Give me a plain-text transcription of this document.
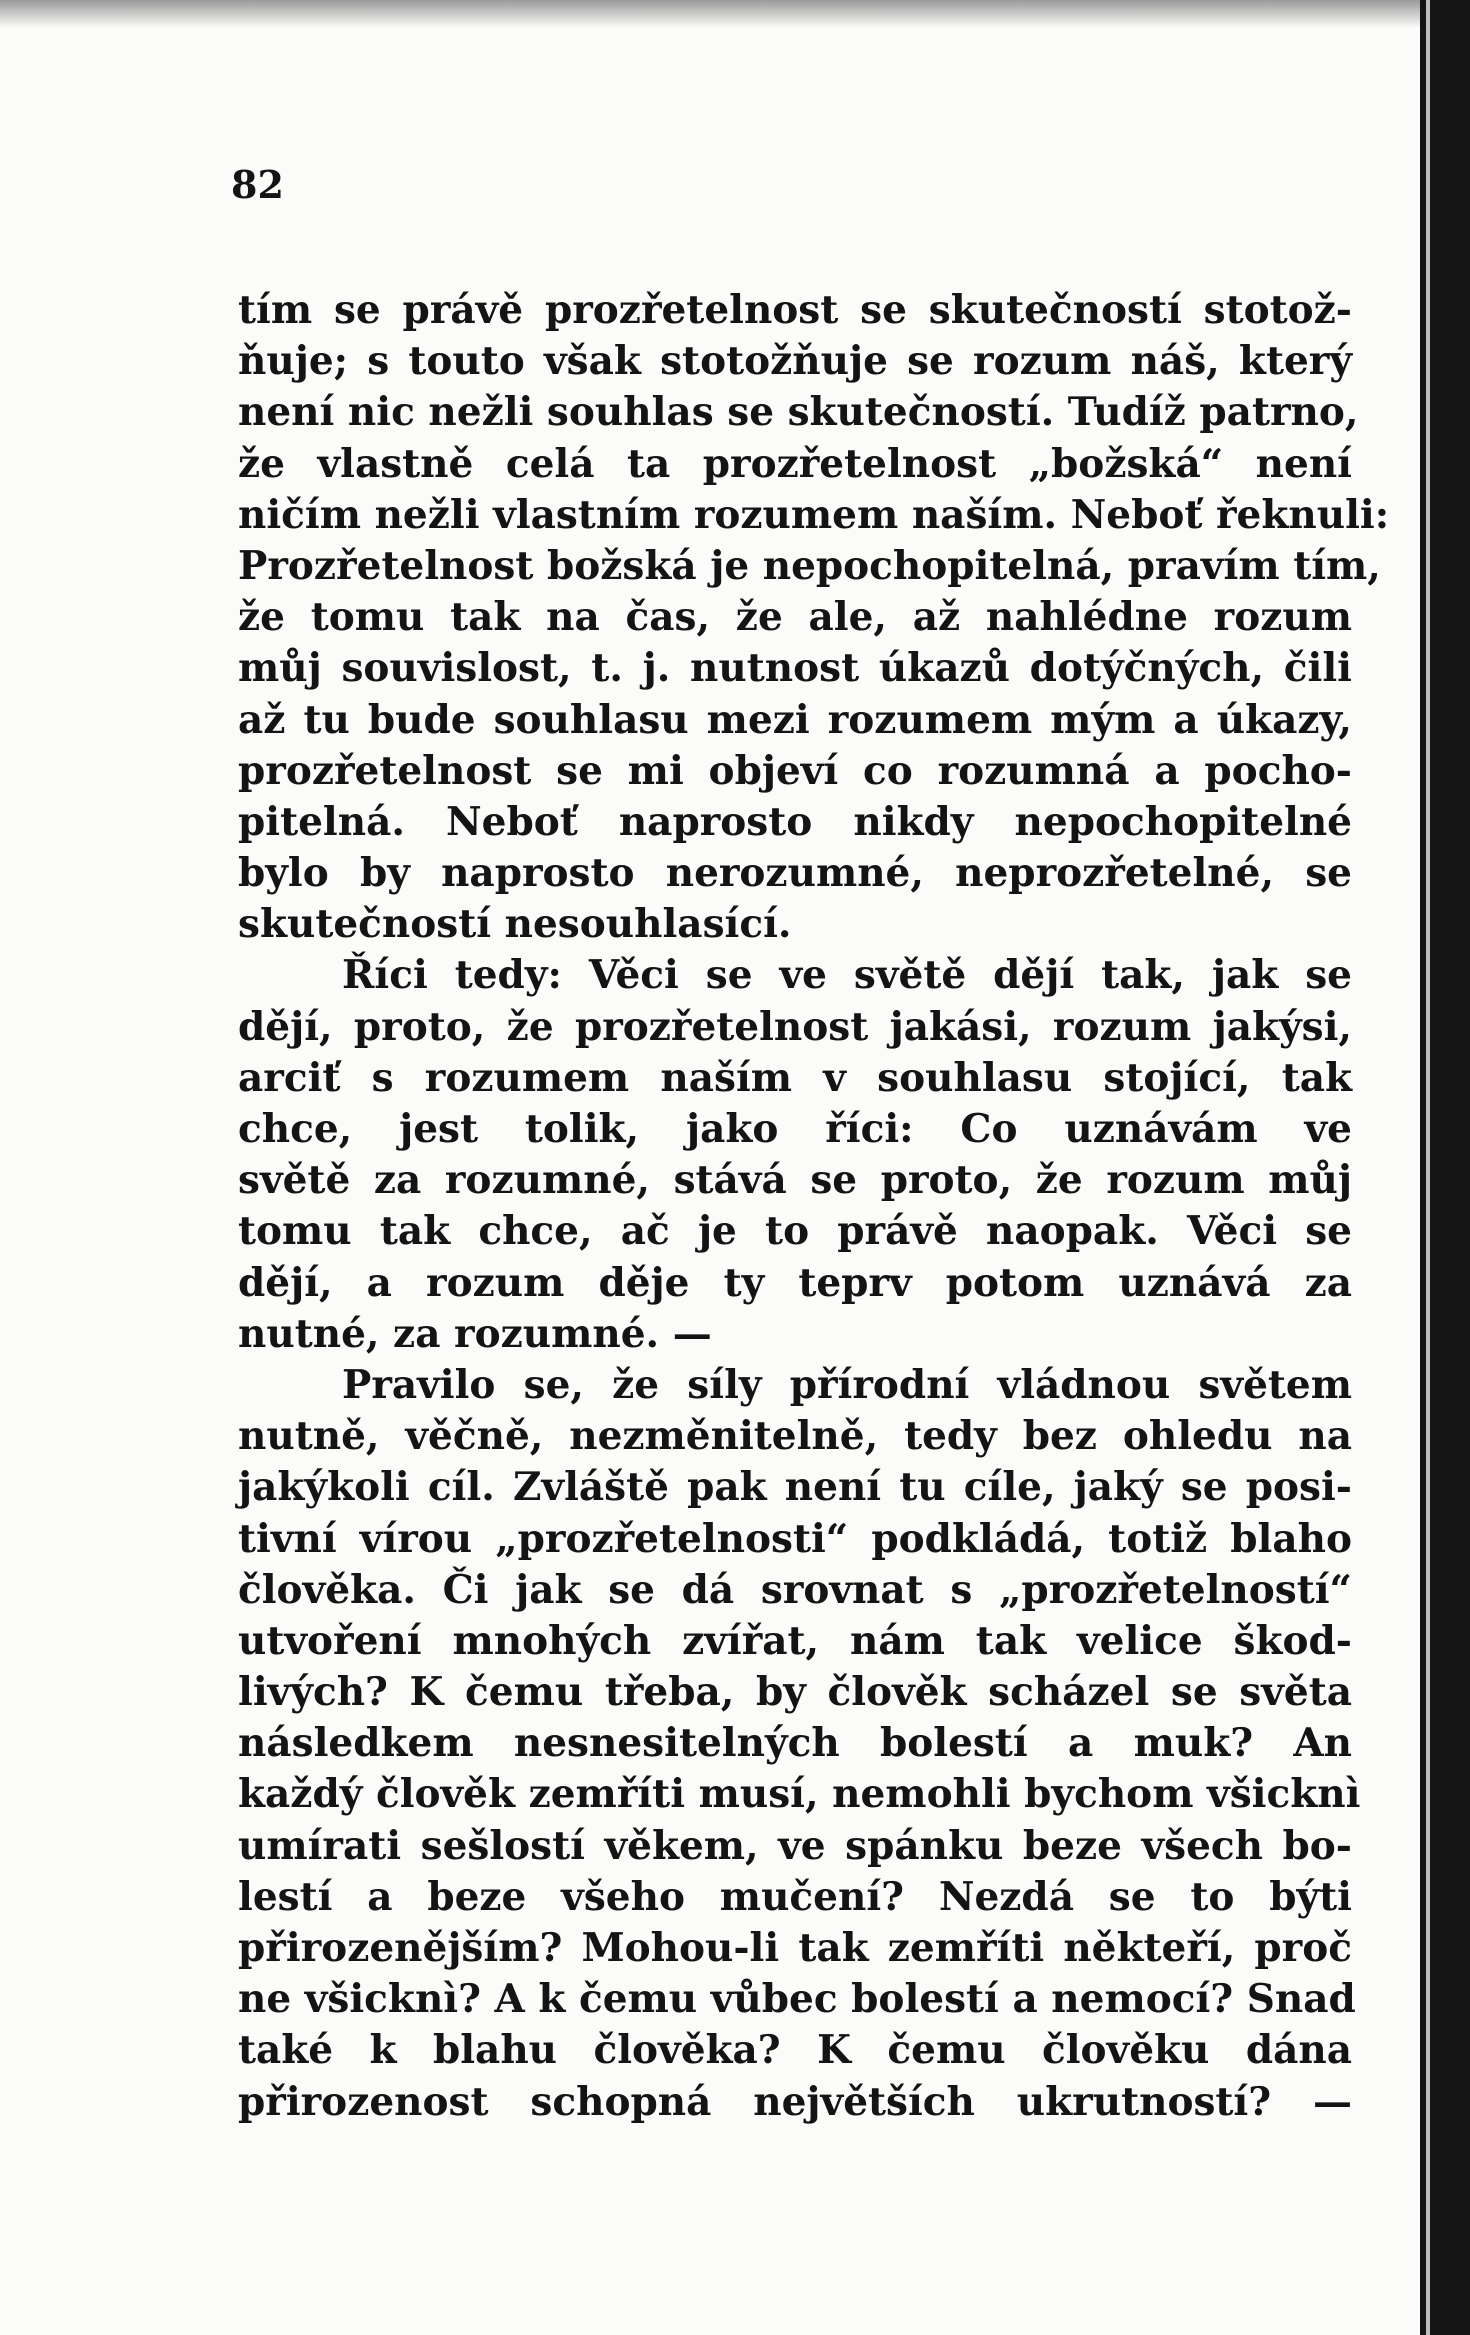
82
tím se právě prozřetelnost se skutečností stotož-
ňuje; s touto však stotožňuje se rozum náš, který
není nic nežli souhlas se skutečností. Tudíž patrno,
že vlastně celá ta prozřetelnost „božská“ není
ničím nežli vlastním rozumem naším. Neboť řeknuli:
Prozřetelnost božská je nepochopitelná, pravím tím,
že tomu tak na čas, že ale, až nahlédne rozum
můj souvislost, t. j. nutnost úkazů dotýčných, čili
až tu bude souhlasu mezi rozumem mým a úkazy,
prozřetelnost se mi objeví co rozumná a pocho-
pitelná. Neboť naprosto nikdy nepochopitelné
bylo by naprosto nerozumné, neprozřetelné, se
skutečností nesouhlasící.
Říci tedy: Věci se ve světě dějí tak, jak se
dějí, proto, že prozřetelnost jakási, rozum jakýsi,
arciť s rozumem naším v souhlasu stojící, tak
chce, jest tolik, jako říci: Co uznávám ve
světě za rozumné, stává se proto, že rozum můj
tomu tak chce, ač je to právě naopak. Věci se
dějí, a rozum děje ty teprv potom uznává za
nutné, za rozumné. —
Pravilo se, že síly přírodní vládnou světem
nutně, věčně, nezměnitelně, tedy bez ohledu na
jakýkoli cíl. Zvláště pak není tu cíle, jaký se posi-
tivní vírou „prozřetelnosti“ podkládá, totiž blaho
člověka. Či jak se dá srovnat s „prozřetelností“
utvoření mnohých zvířat, nám tak velice škod-
livých? K čemu třeba, by člověk scházel se světa
následkem nesnesitelných bolestí a muk? An
každý člověk zemříti musí, nemohli bychom všicknì
umírati sešlostí věkem, ve spánku beze všech bo-
lestí a beze všeho mučení? Nezdá se to býti
přirozenějším? Mohou-li tak zemříti někteří, proč
ne všicknì? A k čemu vůbec bolestí a nemocí? Snad
také k blahu člověka? K čemu člověku dána
přirozenost schopná největších ukrutností? —
